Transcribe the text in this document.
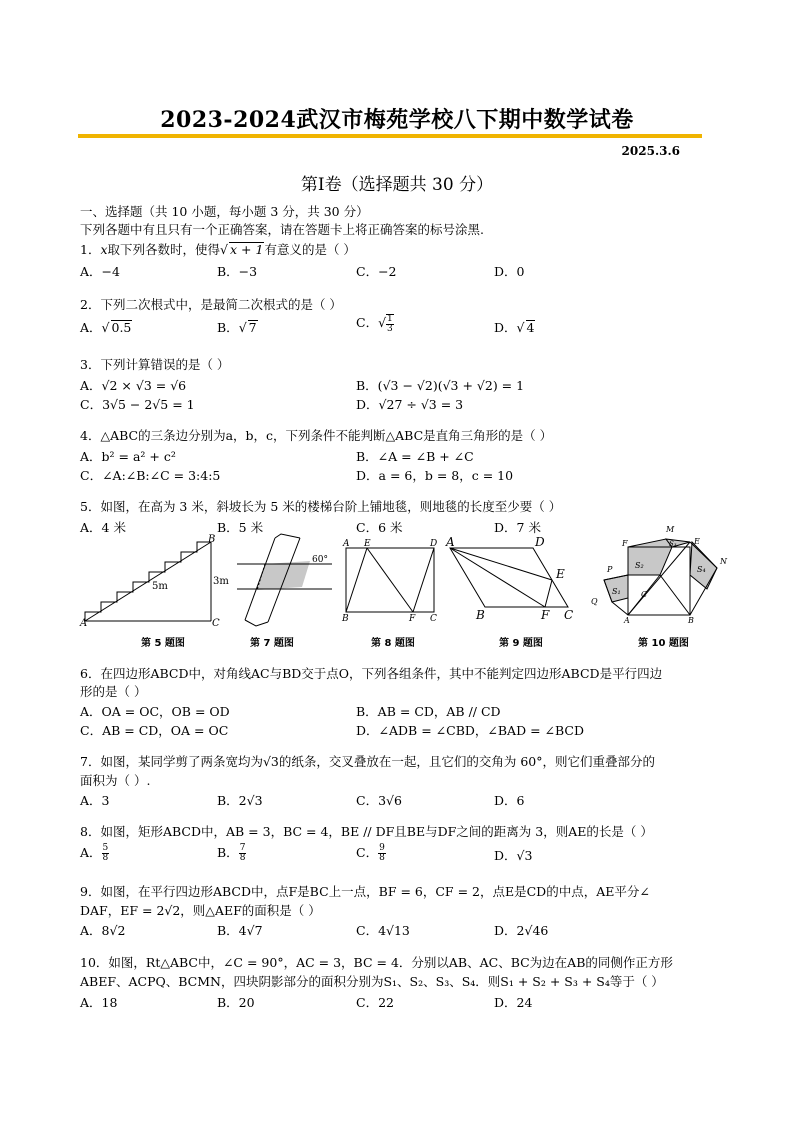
2023-2024武汉市梅苑学校八下期中数学试卷
2025.3.6
第Ⅰ卷（选择题共 30 分）
一、选择题（共 10 小题，每小题 3 分，共 30 分）
下列各题中有且只有一个正确答案，请在答题卡上将正确答案的标号涂黑.
1．x取下列各数时，使得√ x + 1有意义的是（ ）
A．−4	B．−3	C．−2	D．0
2．下列二次根式中，是最简二次根式的是（ ）
A．√ 0.5	B．√ 7	C．√ $\frac{1}{3}$	D．√ 4
3．下列计算错误的是（ ）
A．√2 × √3 = √6	B．(√3 − √2)(√3 + √2) = 1
C．3√5 − 2√5 = 1	D．√27 ÷ √3 = 3
4．△ABC的三条边分别为a，b，c，下列条件不能判断△ABC是直角三角形的是（ ）
A．b² = a² + c²	B．∠A = ∠B + ∠C
C．∠A:∠B:∠C = 3:4:5	D．a = 6，b = 8，c = 10
5．如图，在高为 3 米，斜坡长为 5 米的楼梯台阶上铺地毯，则地毯的长度至少要（ ）
A．4 米	B．5 米	C．6 米	D．7 米
A
B
C
5m	3m
60°
A E	D
B	F C
A	D
E
B	F C
F
M
E
N
P
Q
C
A	B
S₂
S₃
S₄
S₁
第 5 题图	第 7 题图	第 8 题图	第 9 题图	第 10 题图
6．在四边形ABCD中，对角线AC与BD交于点O，下列各组条件，其中不能判定四边形ABCD是平行四边
形的是（ ）
A．OA = OC，OB = OD	B．AB = CD，AB // CD
C．AB = CD，OA = OC	D．∠ADB = ∠CBD，∠BAD = ∠BCD
7．如图，某同学剪了两条宽均为√3的纸条，交叉叠放在一起，且它们的交角为 60°，则它们重叠部分的
面积为（ ）.
A．3	B．2√3	C．3√6	D．6
8．如图，矩形ABCD中，AB = 3，BC = 4，BE // DF且BE与DF之间的距离为 3，则AE的长是（ ）
A． $\frac{5}{8}$	B． $\frac{7}{8}$	C． $\frac{9}{8}$	D．√3
9．如图，在平行四边形ABCD中，点F是BC上一点，BF = 6，CF = 2，点E是CD的中点，AE平分∠
DAF，EF = 2√2，则△AEF的面积是（ ）
A．8√2	B．4√7	C．4√13	D．2√46
10．如图，Rt△ABC中，∠C = 90°，AC = 3，BC = 4．分别以AB、AC、BC为边在AB的同侧作正方形
ABEF、ACPQ、BCMN，四块阴影部分的面积分别为S₁、S₂、S₃、S₄．则S₁ + S₂ + S₃ + S₄等于（ ）
A．18	B．20	C．22	D．24
